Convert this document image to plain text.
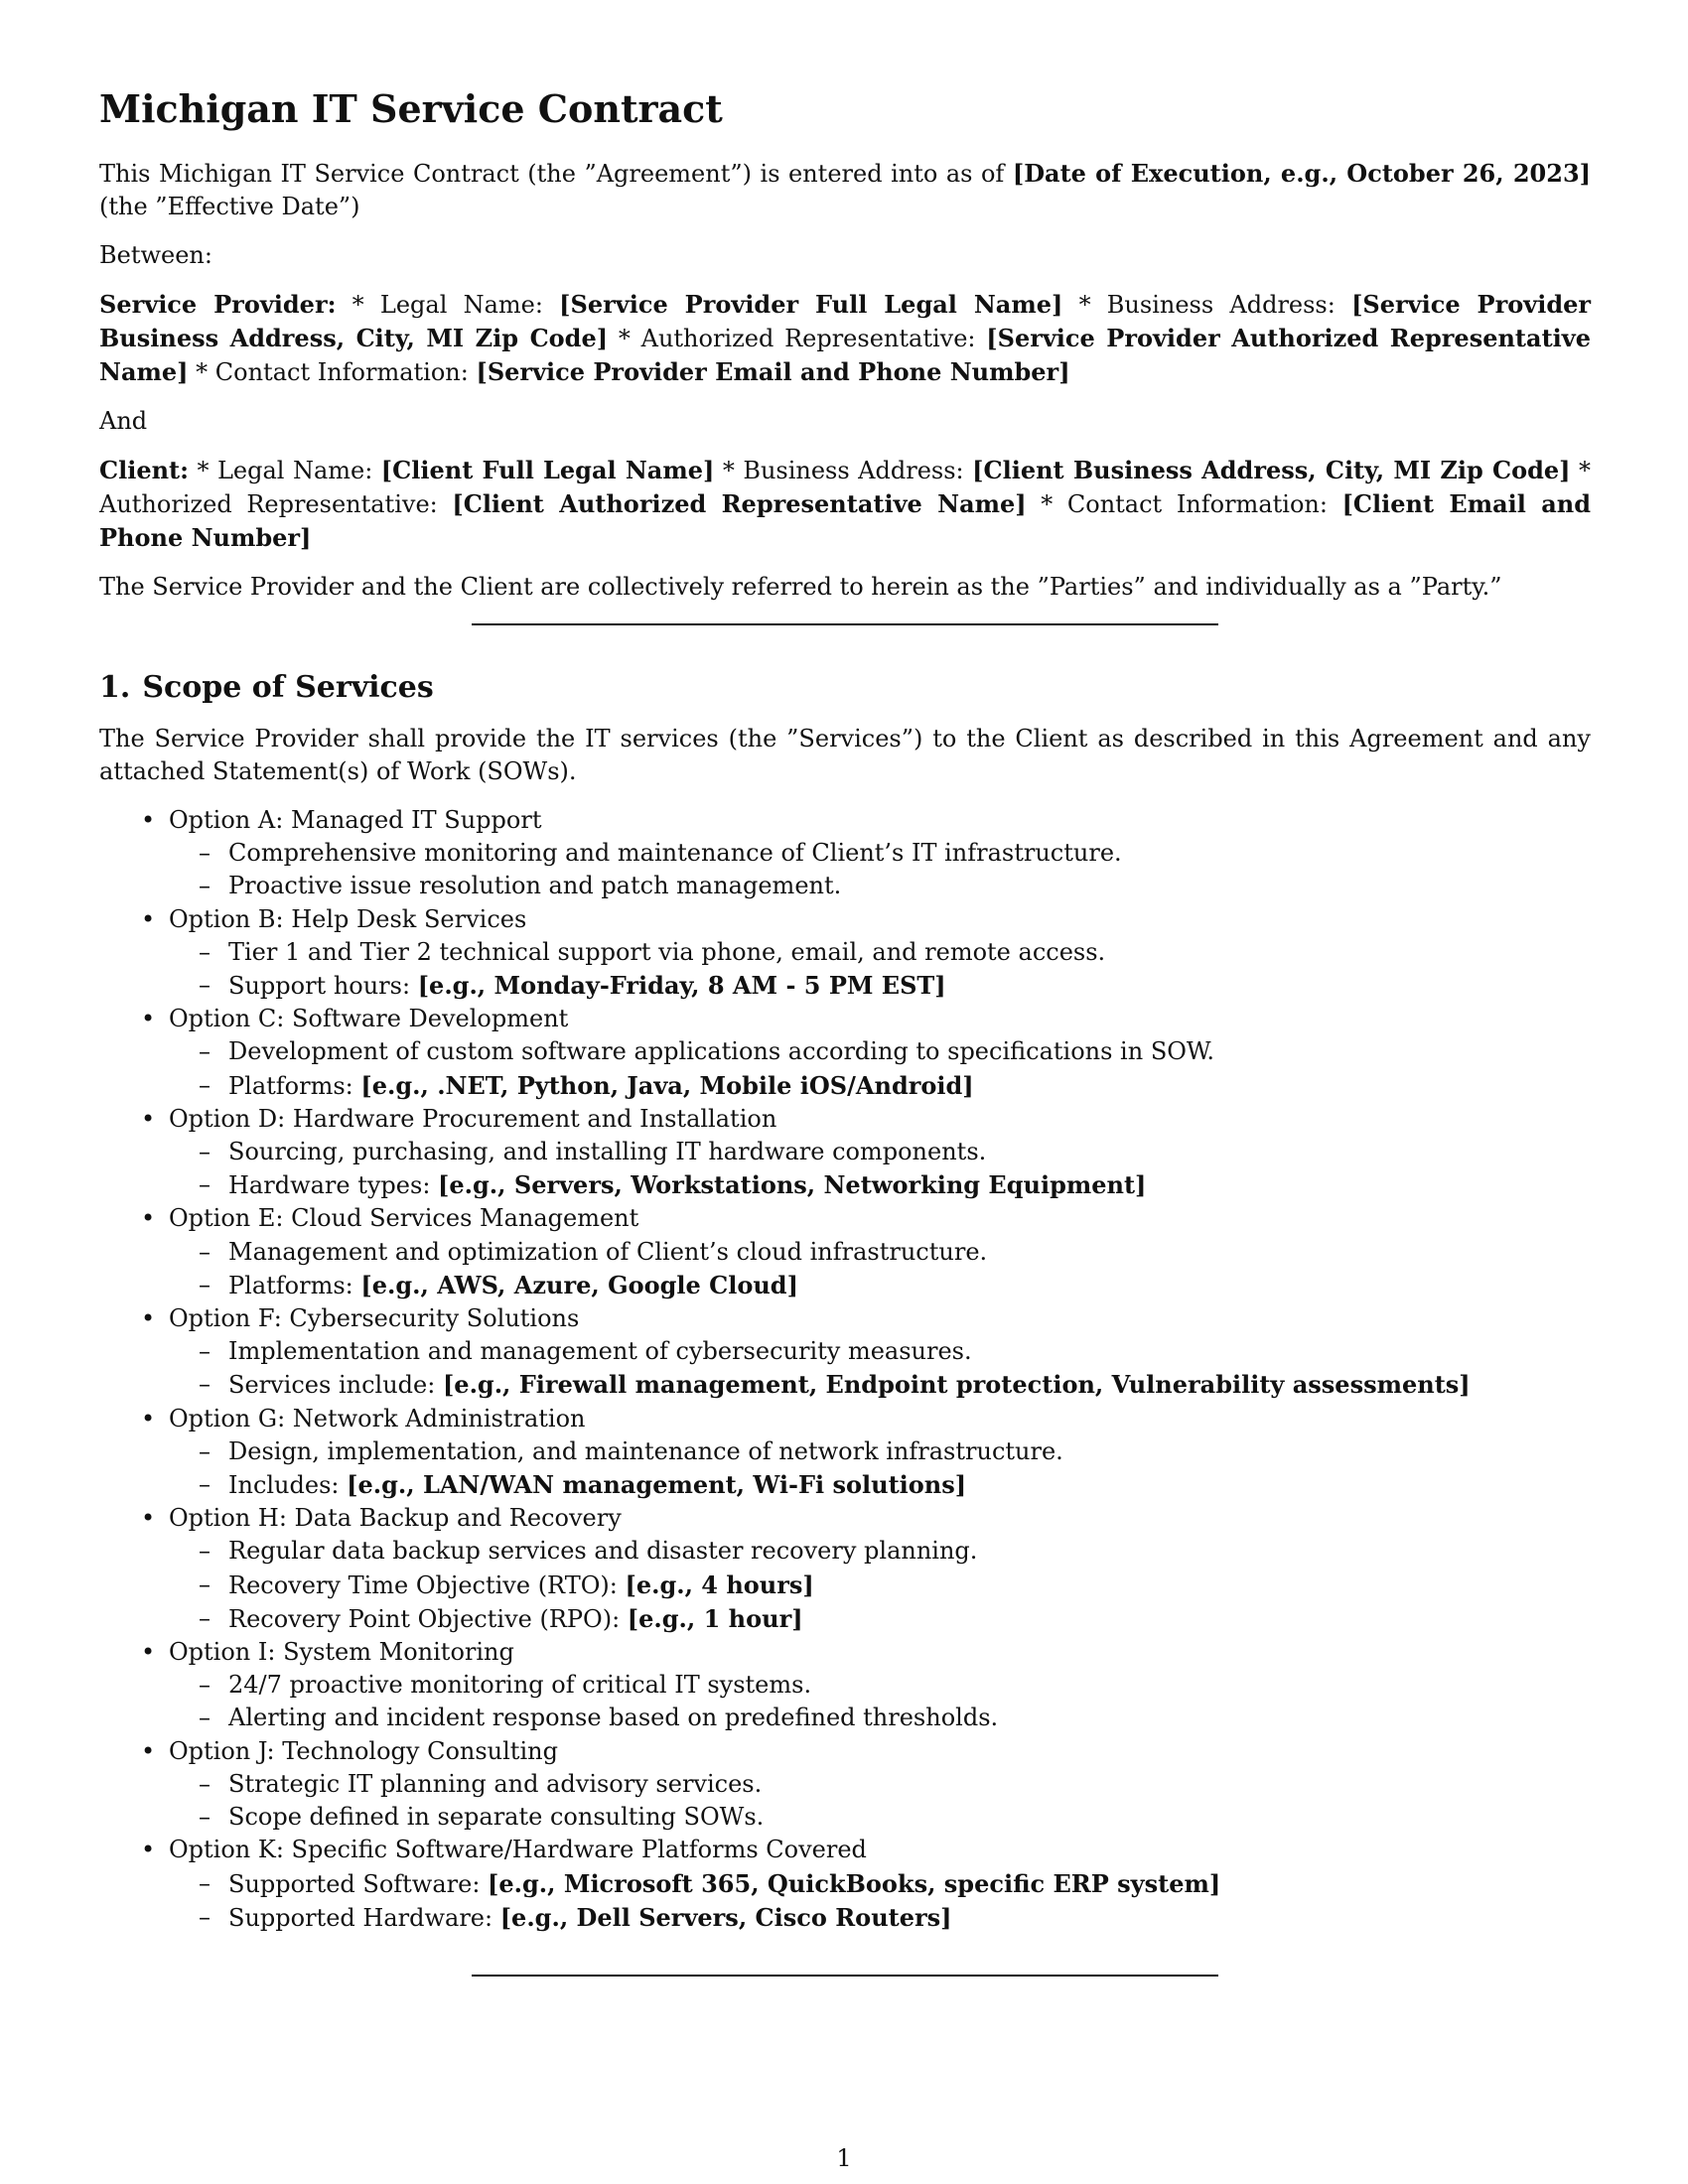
Michigan IT Service Contract

This Michigan IT Service Contract (the ”Agreement”) is entered into as of [Date of Execution, e.g., October 26, 2023] (the ”Effective Date”)

Between:

Service Provider: * Legal Name: [Service Provider Full Legal Name] * Business Address: [Service Provider Business Address, City, MI Zip Code] * Authorized Representative: [Service Provider Authorized Representative Name] * Contact Information: [Service Provider Email and Phone Number]

And

Client: * Legal Name: [Client Full Legal Name] * Business Address: [Client Business Address, City, MI Zip Code] * Authorized Representative: [Client Authorized Representative Name] * Contact Information: [Client Email and Phone Number]

The Service Provider and the Client are collectively referred to herein as the ”Parties” and individually as a ”Party.”

1. Scope of Services

The Service Provider shall provide the IT services (the ”Services”) to the Client as described in this Agreement and any attached Statement(s) of Work (SOWs).

• Option A: Managed IT Support
– Comprehensive monitoring and maintenance of Client’s IT infrastructure.
– Proactive issue resolution and patch management.
• Option B: Help Desk Services
– Tier 1 and Tier 2 technical support via phone, email, and remote access.
– Support hours: [e.g., Monday-Friday, 8 AM - 5 PM EST]
• Option C: Software Development
– Development of custom software applications according to specifications in SOW.
– Platforms: [e.g., .NET, Python, Java, Mobile iOS/Android]
• Option D: Hardware Procurement and Installation
– Sourcing, purchasing, and installing IT hardware components.
– Hardware types: [e.g., Servers, Workstations, Networking Equipment]
• Option E: Cloud Services Management
– Management and optimization of Client’s cloud infrastructure.
– Platforms: [e.g., AWS, Azure, Google Cloud]
• Option F: Cybersecurity Solutions
– Implementation and management of cybersecurity measures.
– Services include: [e.g., Firewall management, Endpoint protection, Vulnerability assessments]
• Option G: Network Administration
– Design, implementation, and maintenance of network infrastructure.
– Includes: [e.g., LAN/WAN management, Wi-Fi solutions]
• Option H: Data Backup and Recovery
– Regular data backup services and disaster recovery planning.
– Recovery Time Objective (RTO): [e.g., 4 hours]
– Recovery Point Objective (RPO): [e.g., 1 hour]
• Option I: System Monitoring
– 24/7 proactive monitoring of critical IT systems.
– Alerting and incident response based on predefined thresholds.
• Option J: Technology Consulting
– Strategic IT planning and advisory services.
– Scope defined in separate consulting SOWs.
• Option K: Specific Software/Hardware Platforms Covered
– Supported Software: [e.g., Microsoft 365, QuickBooks, specific ERP system]
– Supported Hardware: [e.g., Dell Servers, Cisco Routers]
1
